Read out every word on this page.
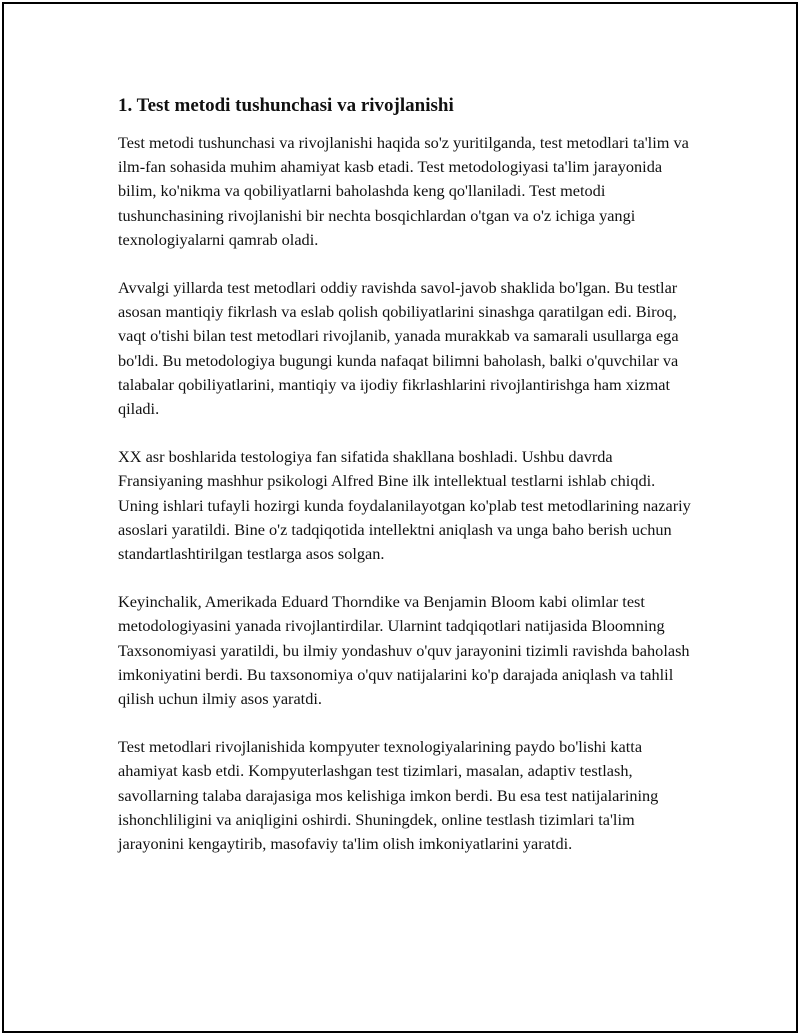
1. Test metodi tushunchasi va rivojlanishi

Test metodi tushunchasi va rivojlanishi haqida so'z yuritilganda, test metodlari ta'lim va ilm-fan sohasida muhim ahamiyat kasb etadi. Test metodologiyasi ta'lim jarayonida bilim, ko'nikma va qobiliyatlarni baholashda keng qo'llaniladi. Test metodi tushunchasining rivojlanishi bir nechta bosqichlardan o'tgan va o'z ichiga yangi texnologiyalarni qamrab oladi.

Avvalgi yillarda test metodlari oddiy ravishda savol-javob shaklida bo'lgan. Bu testlar asosan mantiqiy fikrlash va eslab qolish qobiliyatlarini sinashga qaratilgan edi. Biroq, vaqt o'tishi bilan test metodlari rivojlanib, yanada murakkab va samarali usullarga ega bo'ldi. Bu metodologiya bugungi kunda nafaqat bilimni baholash, balki o'quvchilar va talabalar qobiliyatlarini, mantiqiy va ijodiy fikrlashlarini rivojlantirishga ham xizmat qiladi.

XX asr boshlarida testologiya fan sifatida shakllana boshladi. Ushbu davrda Fransiyaning mashhur psikologi Alfred Bine ilk intellektual testlarni ishlab chiqdi. Uning ishlari tufayli hozirgi kunda foydalanilayotgan ko'plab test metodlarining nazariy asoslari yaratildi. Bine o'z tadqiqotida intellektni aniqlash va unga baho berish uchun standartlashtirilgan testlarga asos solgan.

Keyinchalik, Amerikada Eduard Thorndike va Benjamin Bloom kabi olimlar test metodologiyasini yanada rivojlantirdilar. Ularnint tadqiqotlari natijasida Bloomning Taxsonomiyasi yaratildi, bu ilmiy yondashuv o'quv jarayonini tizimli ravishda baholash imkoniyatini berdi. Bu taxsonomiya o'quv natijalarini ko'p darajada aniqlash va tahlil qilish uchun ilmiy asos yaratdi.

Test metodlari rivojlanishida kompyuter texnologiyalarining paydo bo'lishi katta ahamiyat kasb etdi. Kompyuterlashgan test tizimlari, masalan, adaptiv testlash, savollarning talaba darajasiga mos kelishiga imkon berdi. Bu esa test natijalarining ishonchliligini va aniqligini oshirdi. Shuningdek, online testlash tizimlari ta'lim jarayonini kengaytirib, masofaviy ta'lim olish imkoniyatlarini yaratdi.
